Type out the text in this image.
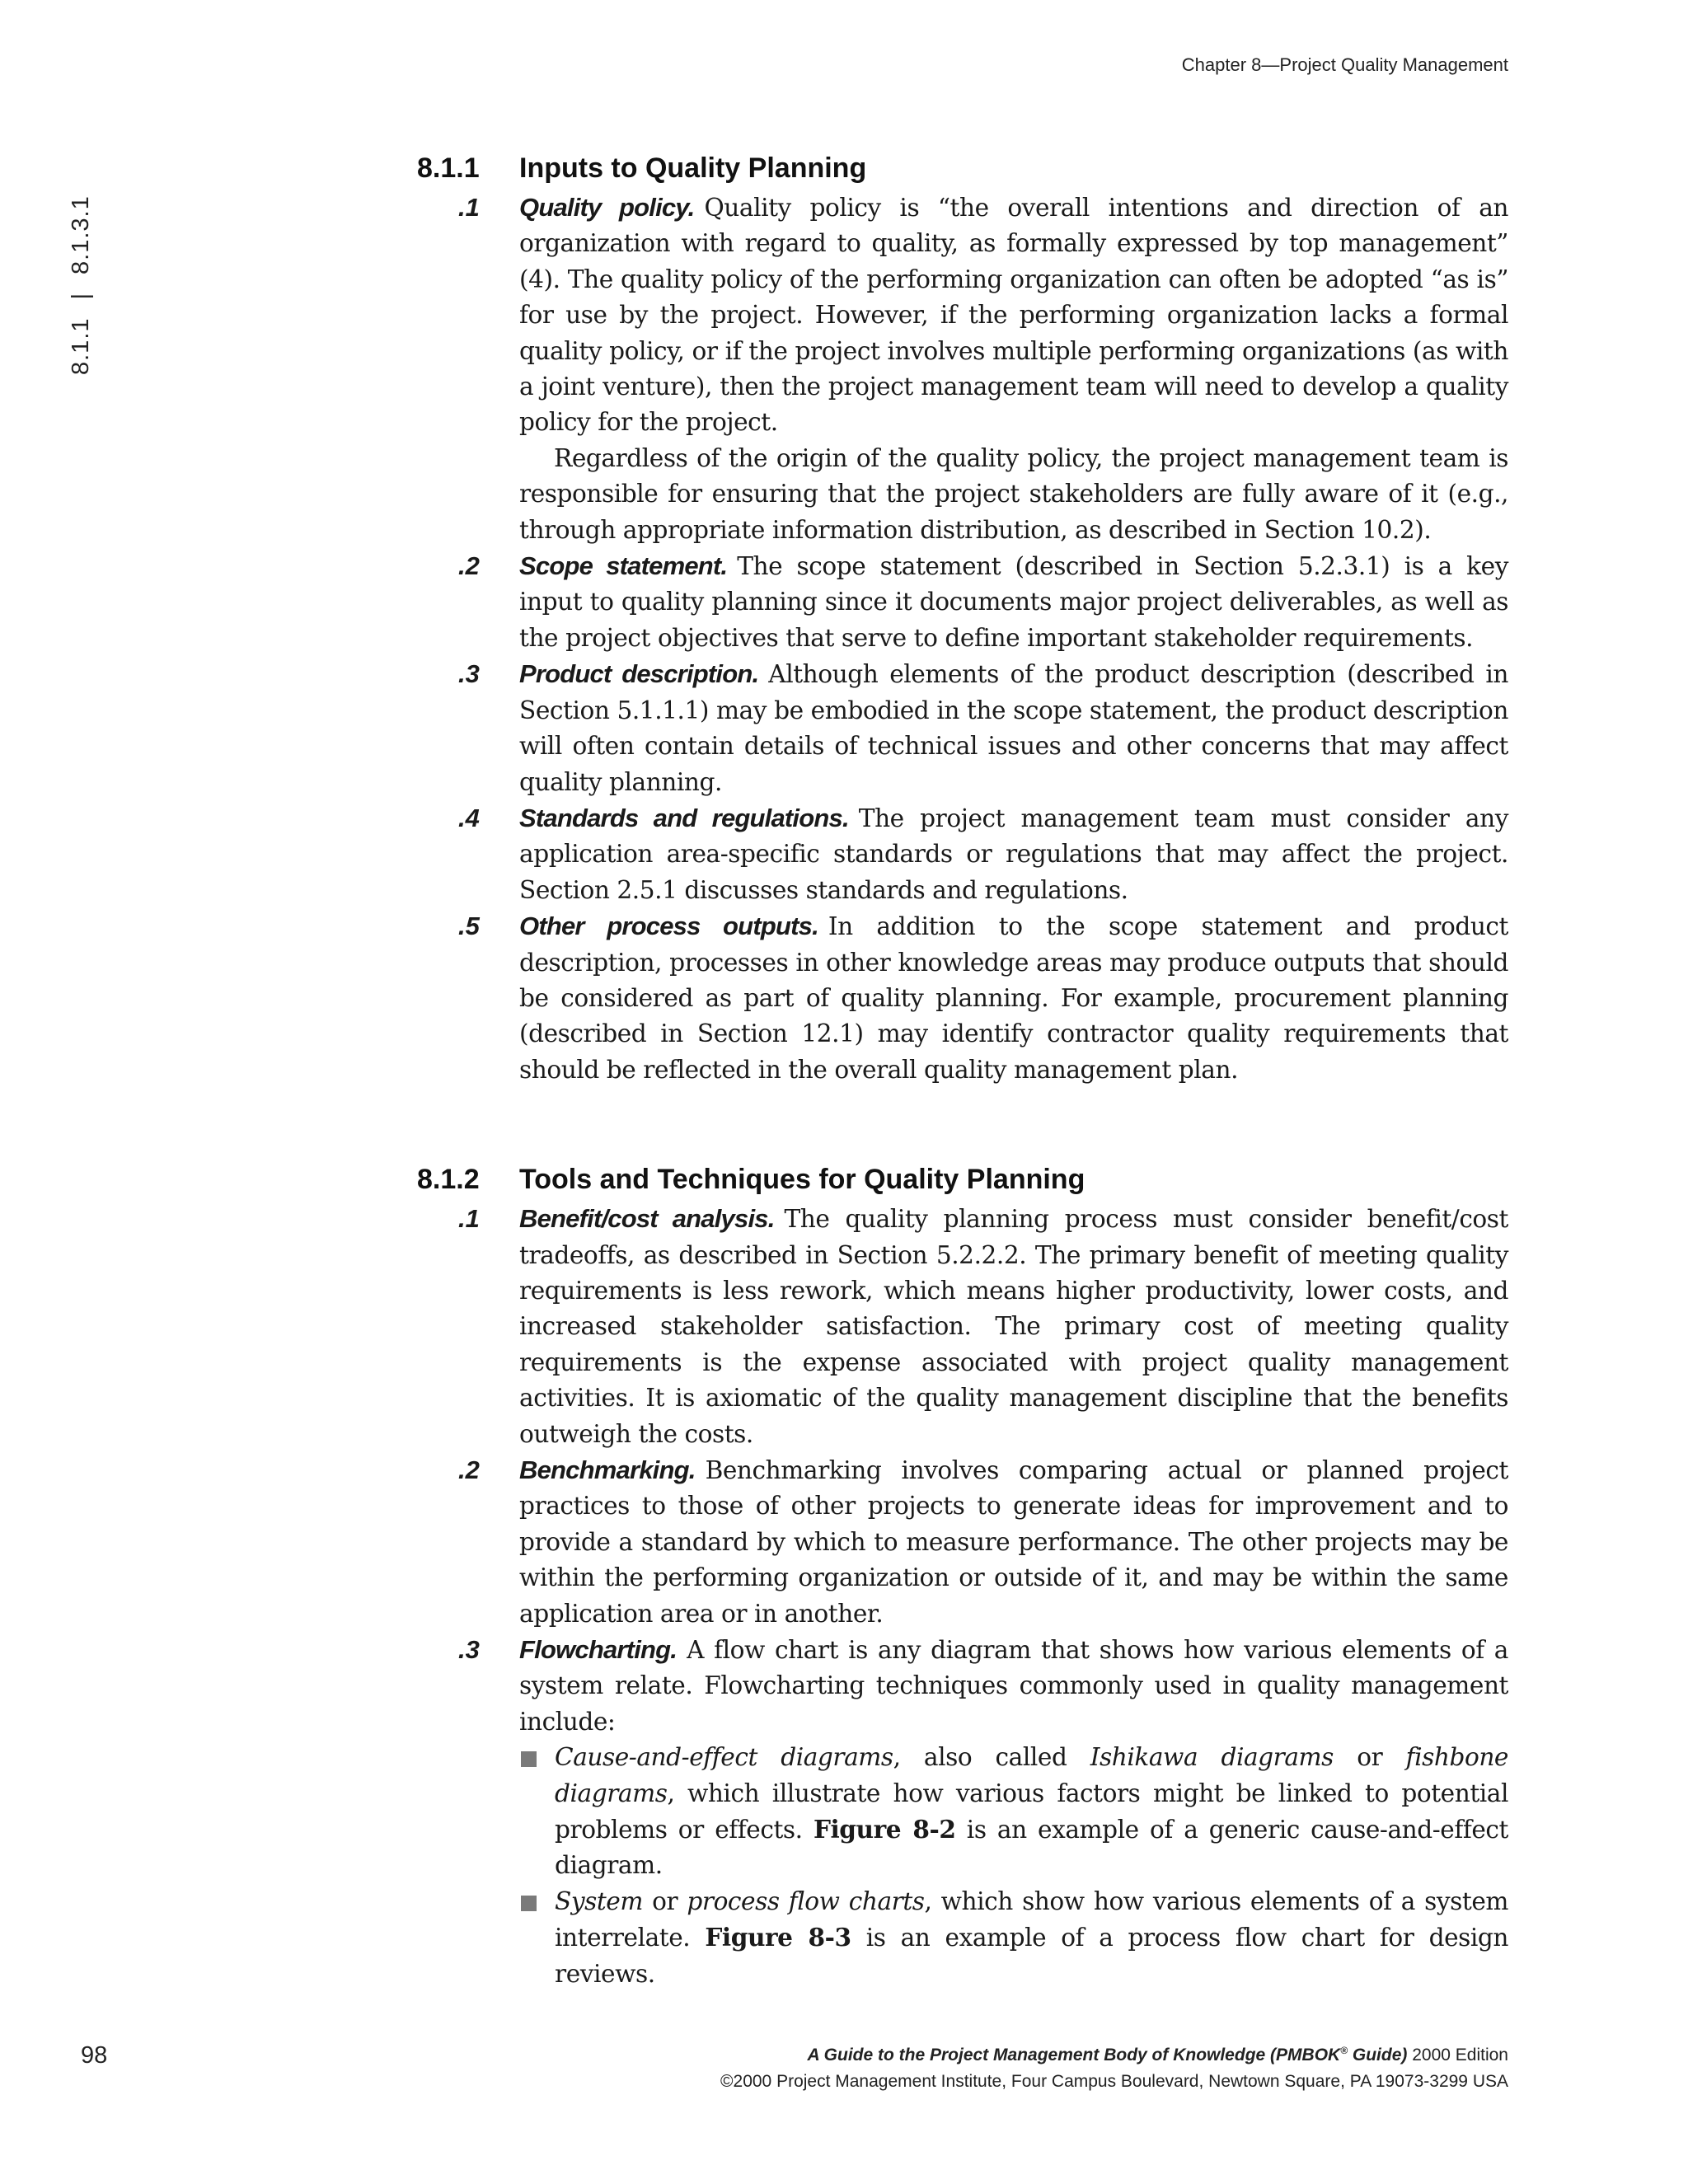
Chapter 8—Project Quality Management
8.1.1|8.1.3.1
8.1.1 Inputs to Quality Planning
.1 Quality policy. Quality policy is “the overall intentions and direction of an organization with regard to quality, as formally expressed by top management” (4). The quality policy of the performing organization can often be adopted “as is” for use by the project. However, if the performing organization lacks a formal quality policy, or if the project involves multiple performing organizations (as with a joint venture), then the project management team will need to develop a quality policy for the project.

Regardless of the origin of the quality policy, the project management team is responsible for ensuring that the project stakeholders are fully aware of it (e.g., through appropriate information distribution, as described in Section 10.2).

.2 Scope statement. The scope statement (described in Section 5.2.3.1) is a key input to quality planning since it documents major project deliverables, as well as the project objectives that serve to define important stakeholder requirements.

.3 Product description. Although elements of the product description (described in Section 5.1.1.1) may be embodied in the scope statement, the product description will often contain details of technical issues and other concerns that may affect quality planning.

.4 Standards and regulations. The project management team must consider any application area-specific standards or regulations that may affect the project. Section 2.5.1 discusses standards and regulations.

.5 Other process outputs. In addition to the scope statement and product description, processes in other knowledge areas may produce outputs that should be considered as part of quality planning. For example, procurement planning (described in Section 12.1) may identify contractor quality requirements that should be reflected in the overall quality management plan.

8.1.2 Tools and Techniques for Quality Planning
.1 Benefit/cost analysis. The quality planning process must consider benefit/cost tradeoffs, as described in Section 5.2.2.2. The primary benefit of meeting quality requirements is less rework, which means higher productivity, lower costs, and increased stakeholder satisfaction. The primary cost of meeting quality requirements is the expense associated with project quality management activities. It is axiomatic of the quality management discipline that the benefits outweigh the costs.

.2 Benchmarking. Benchmarking involves comparing actual or planned project practices to those of other projects to generate ideas for improvement and to provide a standard by which to measure performance. The other projects may be within the performing organization or outside of it, and may be within the same application area or in another.

.3 Flowcharting. A flow chart is any diagram that shows how various elements of a system relate. Flowcharting techniques commonly used in quality management include:

Cause-and-effect diagrams, also called Ishikawa diagrams or fishbone diagrams, which illustrate how various factors might be linked to potential problems or effects. Figure 8-2 is an example of a generic cause-and-effect diagram.
System or process flow charts, which show how various elements of a system interrelate. Figure 8-3 is an example of a process flow chart for design reviews.
98	A Guide to the Project Management Body of Knowledge (PMBOK® Guide) 2000 Edition
©2000 Project Management Institute, Four Campus Boulevard, Newtown Square, PA 19073-3299 USA
